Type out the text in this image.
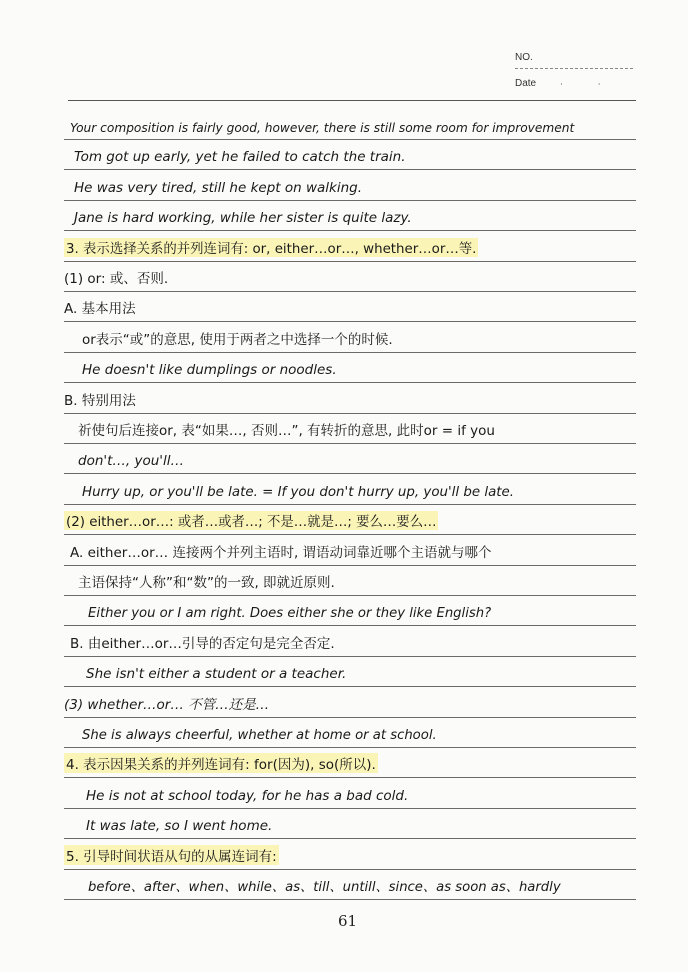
NO.
Date	· ·
Your composition is fairly good, however, there is still some room for improvement
Tom got up early, yet he failed to catch the train.
He was very tired, still he kept on walking.
Jane is hard working, while her sister is quite lazy.
3. 表示选择关系的并列连词有: or, either…or…, whether…or…等.
(1) or: 或、否则.
A. 基本用法
or表示“或”的意思, 使用于两者之中选择一个的时候.
He doesn't like dumplings or noodles.
B. 特别用法
祈使句后连接or, 表“如果…, 否则…”, 有转折的意思, 此时or = if you
don't…, you'll…
Hurry up, or you'll be late. = If you don't hurry up, you'll be late.
(2) either…or…: 或者…或者…; 不是…就是…; 要么…要么…
A. either…or… 连接两个并列主语时, 谓语动词靠近哪个主语就与哪个
主语保持“人称”和“数”的一致, 即就近原则.
Either you or I am right. Does either she or they like English?
B. 由either…or…引导的否定句是完全否定.
She isn't either a student or a teacher.
(3) whether…or… 不管…还是…
She is always cheerful, whether at home or at school.
4. 表示因果关系的并列连词有: for(因为), so(所以).
He is not at school today, for he has a bad cold.
It was late, so I went home.
5. 引导时间状语从句的从属连词有:
before、after、when、while、as、till、untill、since、as soon as、hardly
61
